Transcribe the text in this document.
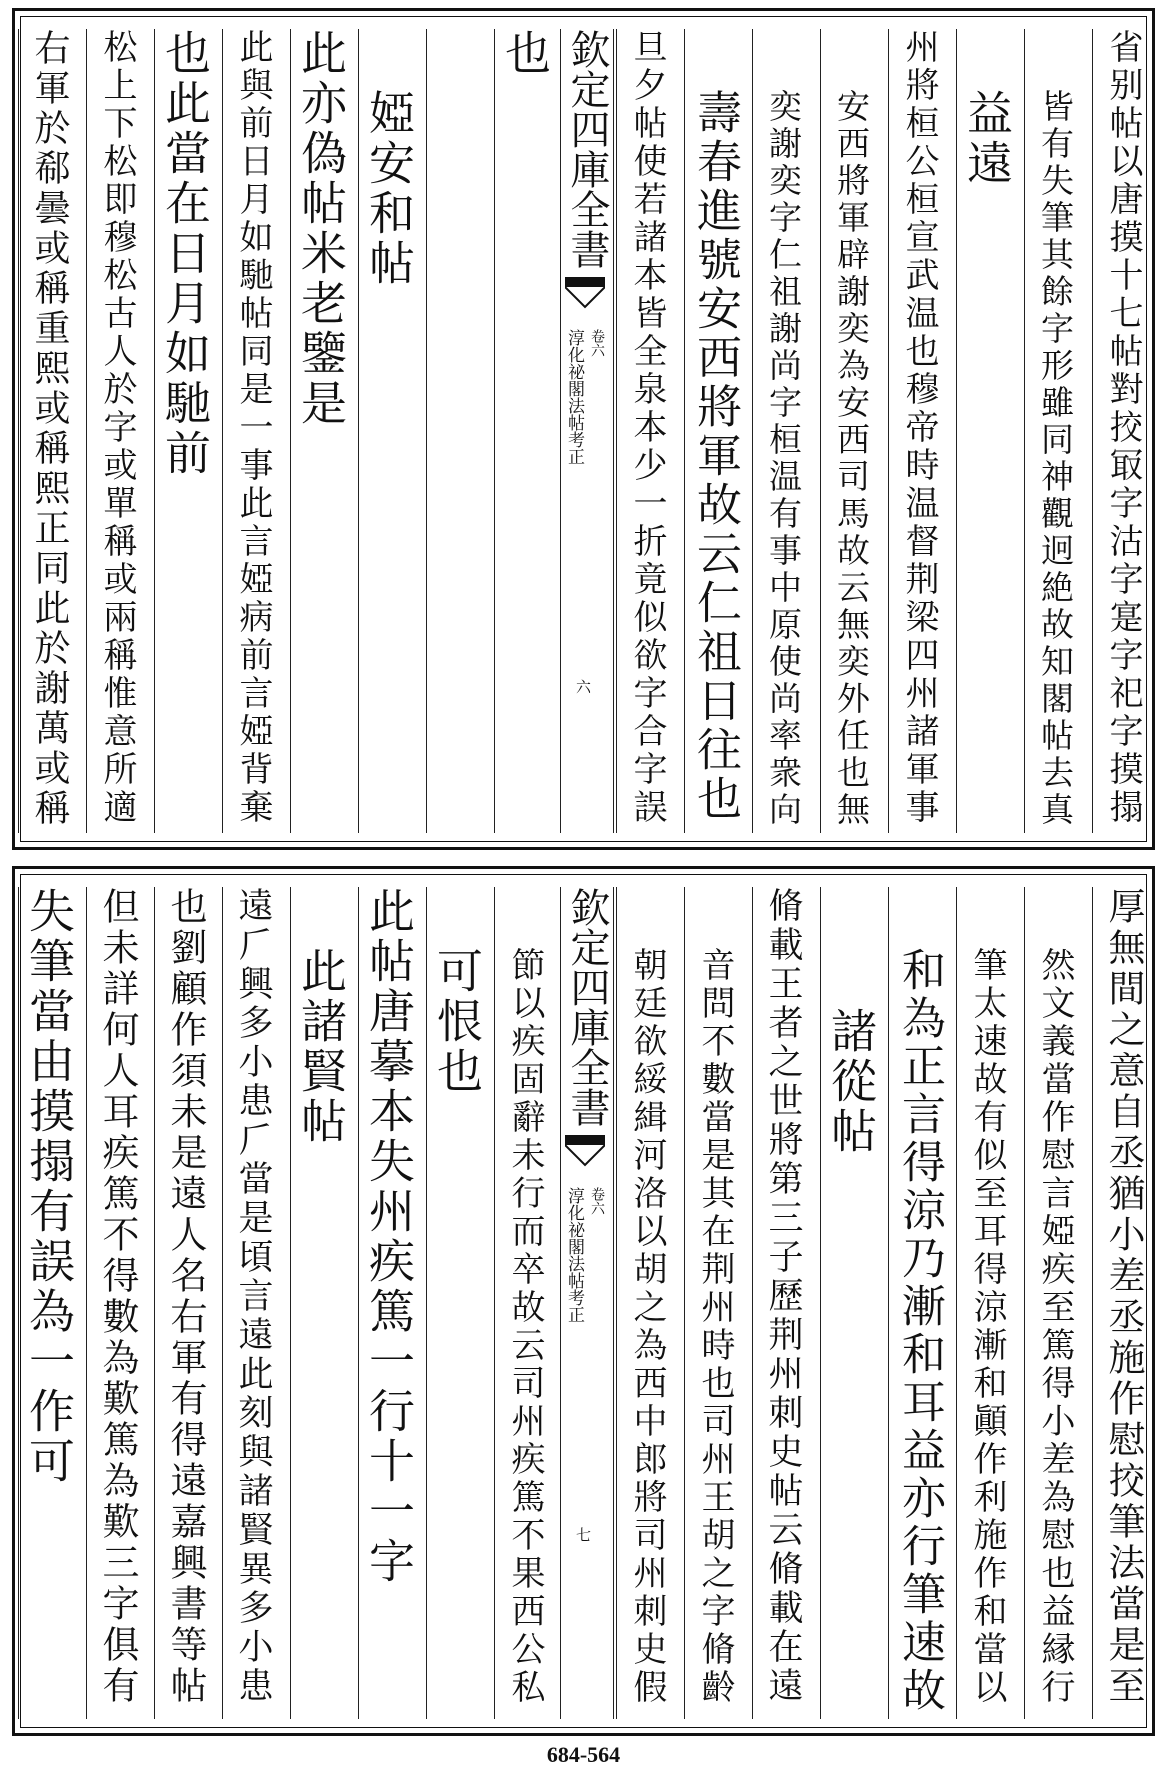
省别帖以唐摸十七帖對挍冣字沽字寔字祀字摸搨
皆有失筆其餘字形雖同神觀迥絶故知閣帖去真
益遠
州將桓公桓宣武温也穆帝時温督荆梁四州諸軍事
安西將軍辟謝奕為安西司馬故云無奕外任也無
奕謝奕字仁祖謝尚字桓温有事中原使尚率衆向
壽春進號安西將軍故云仁祖日往也
旦夕帖使若諸本皆全泉本少一折竟似欲字合字誤
欽定四庫全書
淳化祕閣法帖考正 卷六
六
也
婭安和帖
此亦偽帖米老鑒是
此與前日月如馳帖同是一事此言婭病前言婭背棄
也此當在日月如馳前
松上下松即穆松古人於字或單稱或兩稱惟意所適
右軍於郗曇或稱重熙或稱熙正同此於謝萬或稱
厚無間之意自丞猶小差丞施作慰挍筆法當是至
然文義當作慰言婭疾至篤得小差為慰也益縁行
筆太速故有似至耳得涼漸和顚作利施作和當以
和為正言得涼乃漸和耳益亦行筆速故
諸從帖
脩載王者之世將第三子歷荆州刺史帖云脩載在遠
音問不數當是其在荆州時也司州王胡之字脩齡
朝廷欲綏緝河洛以胡之為西中郎將司州刺史假
欽定四庫全書
淳化祕閣法帖考正 卷六
七
節以疾固辭未行而卒故云司州疾篤不果西公私
可恨也
此帖唐摹本失州疾篤一行十一字
此諸賢帖
遠𠂆興多小患𠂆當是頃言遠此刻與諸賢異多小患
也劉顧作須未是遠人名右軍有得遠嘉興書等帖
但未詳何人耳疾篤不得數為歎篤為歎三字俱有
失筆當由摸搨有誤為一作可
684-564
